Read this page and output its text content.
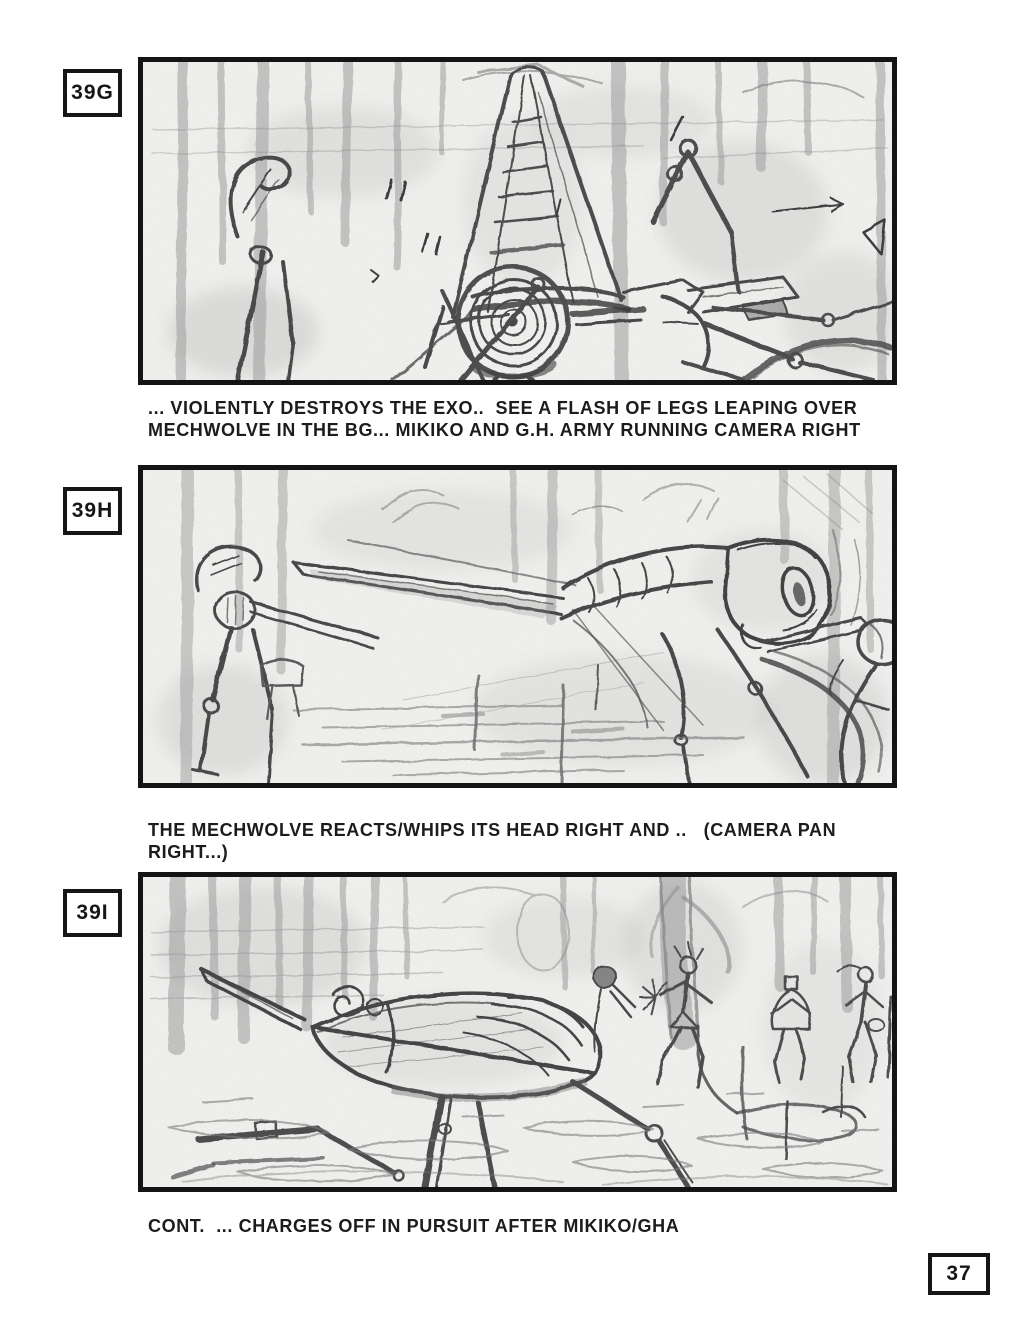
39G
... VIOLENTLY DESTROYS THE EXO..  SEE A FLASH OF LEGS LEAPING OVER
MECHWOLVE IN THE BG... MIKIKO AND G.H. ARMY RUNNING CAMERA RIGHT
39H
THE MECHWOLVE REACTS/WHIPS ITS HEAD RIGHT AND ..   (CAMERA PAN
RIGHT...)
39I
CONT.  ... CHARGES OFF IN PURSUIT AFTER MIKIKO/GHA
37
